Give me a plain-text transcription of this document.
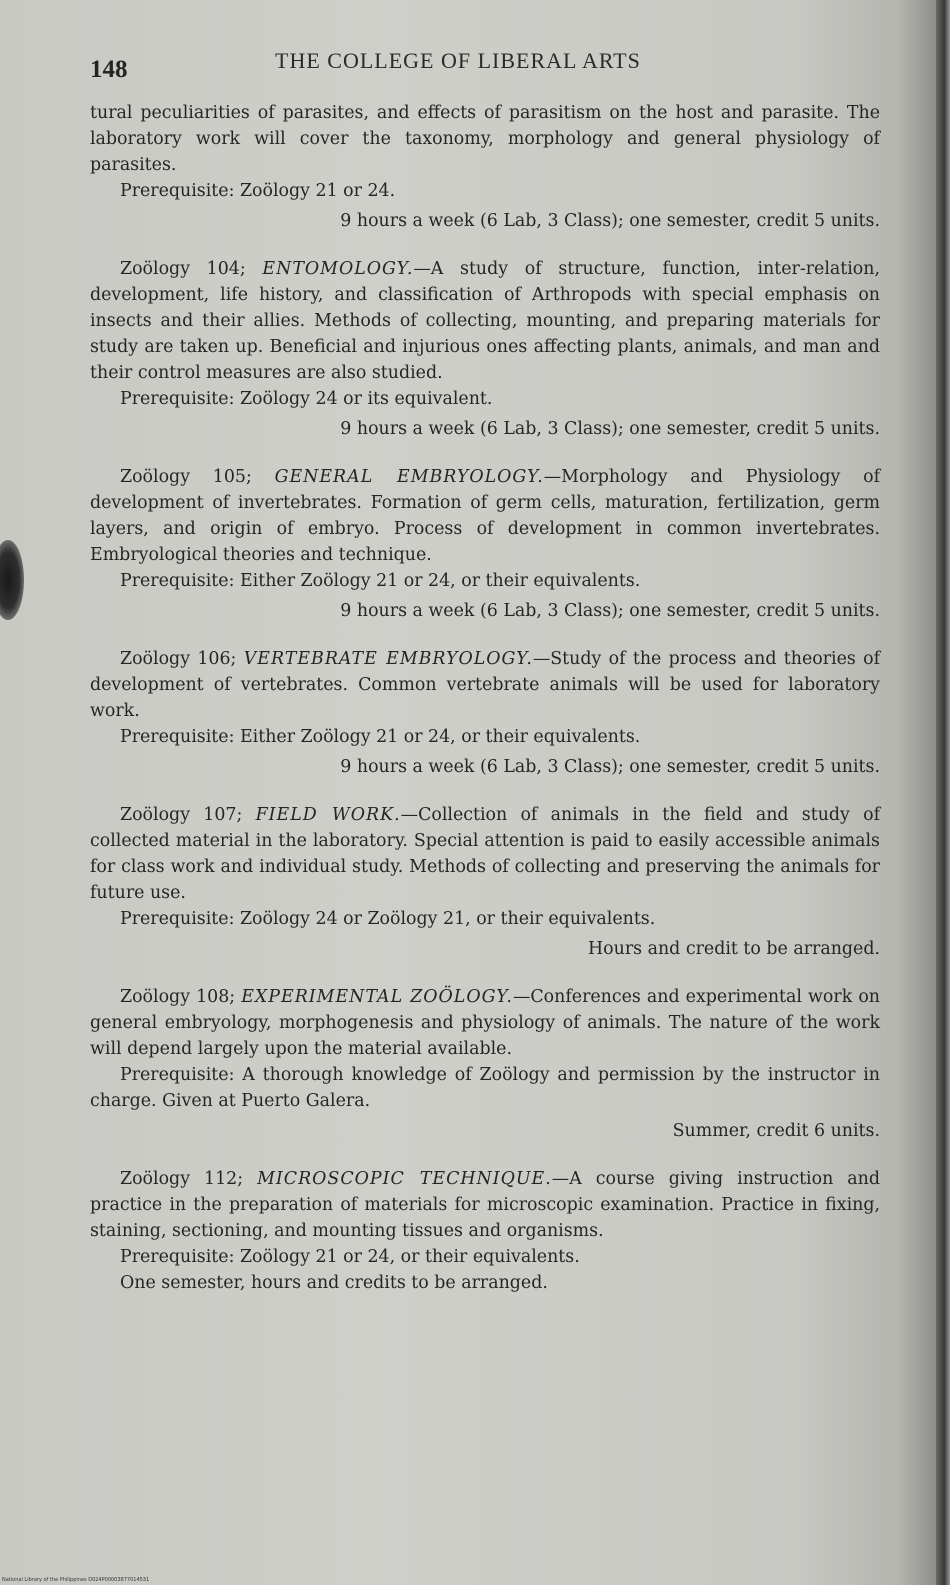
148	THE COLLEGE OF LIBERAL ARTS

tural peculiarities of parasites, and effects of parasitism on the host and parasite. The laboratory work will cover the taxonomy, morphology and general physiology of parasites.

Prerequisite: Zoölogy 21 or 24.

9 hours a week (6 Lab, 3 Class); one semester, credit 5 units.

Zoölogy 104; ENTOMOLOGY.—A study of structure, function, inter-relation, development, life history, and classification of Arthropods with special emphasis on insects and their allies. Methods of collecting, mounting, and preparing materials for study are taken up. Beneficial and injurious ones affecting plants, animals, and man and their control measures are also studied.

Prerequisite: Zoölogy 24 or its equivalent.

9 hours a week (6 Lab, 3 Class); one semester, credit 5 units.

Zoölogy 105; GENERAL EMBRYOLOGY.—Morphology and Physiology of development of invertebrates. Formation of germ cells, maturation, fertilization, germ layers, and origin of embryo. Process of development in common invertebrates. Embryological theories and technique.

Prerequisite: Either Zoölogy 21 or 24, or their equivalents.

9 hours a week (6 Lab, 3 Class); one semester, credit 5 units.

Zoölogy 106; VERTEBRATE EMBRYOLOGY.—Study of the process and theories of development of vertebrates. Common vertebrate animals will be used for laboratory work.

Prerequisite: Either Zoölogy 21 or 24, or their equivalents.

9 hours a week (6 Lab, 3 Class); one semester, credit 5 units.

Zoölogy 107; FIELD WORK.—Collection of animals in the field and study of collected material in the laboratory. Special attention is paid to easily accessible animals for class work and individual study. Methods of collecting and preserving the animals for future use.

Prerequisite: Zoölogy 24 or Zoölogy 21, or their equivalents.

Hours and credit to be arranged.

Zoölogy 108; EXPERIMENTAL ZOÖLOGY.—Conferences and experimental work on general embryology, morphogenesis and physiology of animals. The nature of the work will depend largely upon the material available.

Prerequisite: A thorough knowledge of Zoölogy and permission by the instructor in charge. Given at Puerto Galera.

Summer, credit 6 units.

Zoölogy 112; MICROSCOPIC TECHNIQUE.—A course giving instruction and practice in the preparation of materials for microscopic examination. Practice in fixing, staining, sectioning, and mounting tissues and organisms.

Prerequisite: Zoölogy 21 or 24, or their equivalents.

One semester, hours and credits to be arranged.

National Library of the Philippines D024P00003877014531
